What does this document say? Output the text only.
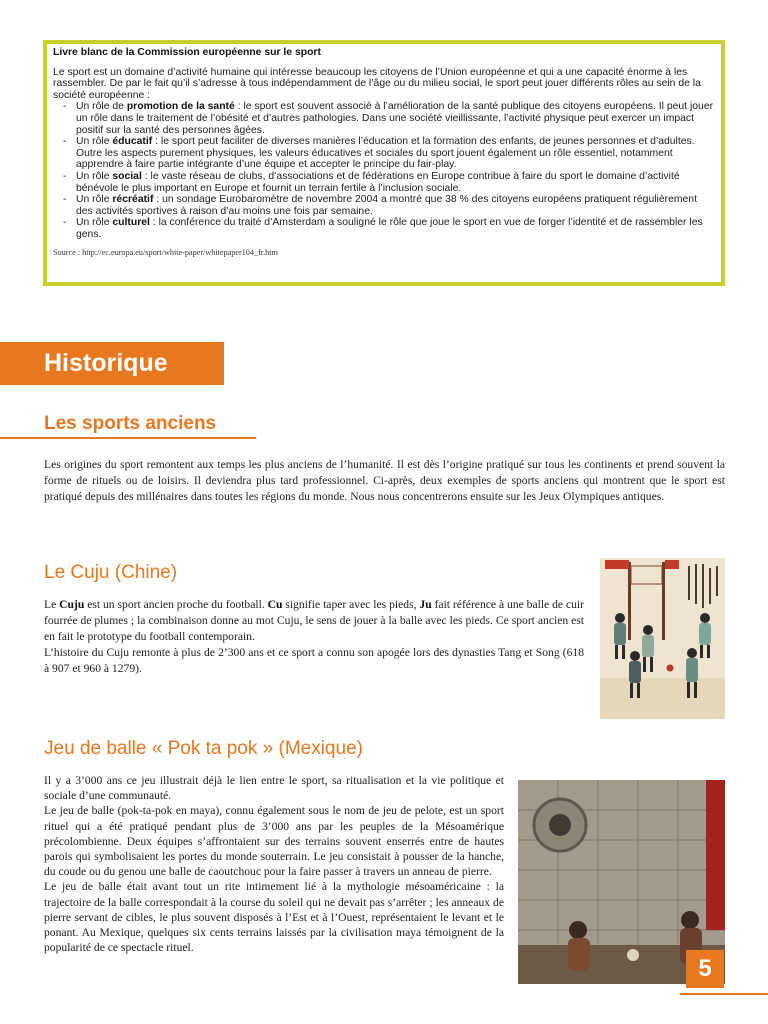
Livre blanc de la Commission européenne sur le sport
Le sport est un domaine d’activité humaine qui intéresse beaucoup les citoyens de l’Union européenne et qui a une capacité énorme à les rassembler. De par le fait qu’il s’adresse à tous indépendamment de l’âge ou du milieu social, le sport peut jouer différents rôles au sein de la société européenne :
- Un rôle de promotion de la santé : le sport est souvent associé à l’amélioration de la santé publique des citoyens européens. Il peut jouer un rôle dans le traitement de l’obésité et d’autres pathologies. Dans une société vieillissante, l’activité physique peut exercer un impact positif sur la santé des personnes âgées.
- Un rôle éducatif : le sport peut faciliter de diverses manières l’éducation et la formation des enfants, de jeunes personnes et d’adultes. Outre les aspects purement physiques, les valeurs éducatives et sociales du sport jouent également un rôle essentiel, notamment apprendre à faire partie intégrante d’une équipe et accepter le principe du fair-play.
- Un rôle social : le vaste réseau de clubs, d’associations et de fédérations en Europe contribue à faire du sport le domaine d’activité bénévole le plus important en Europe et fournit un terrain fertile à l’inclusion sociale.
- Un rôle récréatif : un sondage Eurobaromètre de novembre 2004 a montré que 38 % des citoyens européens pratiquent régulièrement des activités sportives à raison d’au moins une fois par semaine.
- Un rôle culturel : la conférence du traité d’Amsterdam a souligné le rôle que joue le sport en vue de forger l’identité et de rassembler les gens.
Source : http://ec.europa.eu/sport/white-paper/whitepaper104_fr.htm
Historique
Les sports anciens

Les origines du sport remontent aux temps les plus anciens de l’humanité. Il est dès l’origine pratiqué sur tous les continents et prend souvent la forme de rituels ou de loisirs. Il deviendra plus tard professionnel. Ci-après, deux exemples de sports anciens qui montrent que le sport est pratiqué depuis des millénaires dans toutes les régions du monde. Nous nous concentrerons ensuite sur les Jeux Olympiques antiques.

Le Cuju (Chine)

Le Cuju est un sport ancien proche du football. Cu signifie taper avec les pieds, Ju fait référence à une balle de cuir fourrée de plumes ; la combinaison donne au mot Cuju, le sens de jouer à la balle avec les pieds. Ce sport ancien est en fait le prototype du football contemporain.

L’histoire du Cuju remonte à plus de 2’300 ans et ce sport a connu son apogée lors des dynasties Tang et Song (618 à 907 et 960 à 1279).

Jeu de balle « Pok ta pok » (Mexique)

Il y a 3’000 ans ce jeu illustrait déjà le lien entre le sport, sa ritualisation et la vie politique et sociale d’une communauté.

Le jeu de balle (pok-ta-pok en maya), connu également sous le nom de jeu de pelote, est un sport rituel qui a été pratiqué pendant plus de 3’000 ans par les peuples de la Mésoamérique précolombienne. Deux équipes s’affrontaient sur des terrains souvent enserrés entre de hautes parois qui symbolisaient les portes du monde souterrain. Le jeu consistait à pousser de la hanche, du coude ou du genou une balle de caoutchouc pour la faire passer à travers un anneau de pierre.

Le jeu de balle était avant tout un rite intimement lié à la mythologie mésoaméricaine : la trajectoire de la balle correspondait à la course du soleil qui ne devait pas s’arrêter ; les anneaux de pierre servant de cibles, le plus souvent disposés à l’Est et à l’Ouest, représentaient le levant et le ponant. Au Mexique, quelques six cents terrains laissés par la civilisation maya témoignent de la popularité de ce spectacle rituel.

5
